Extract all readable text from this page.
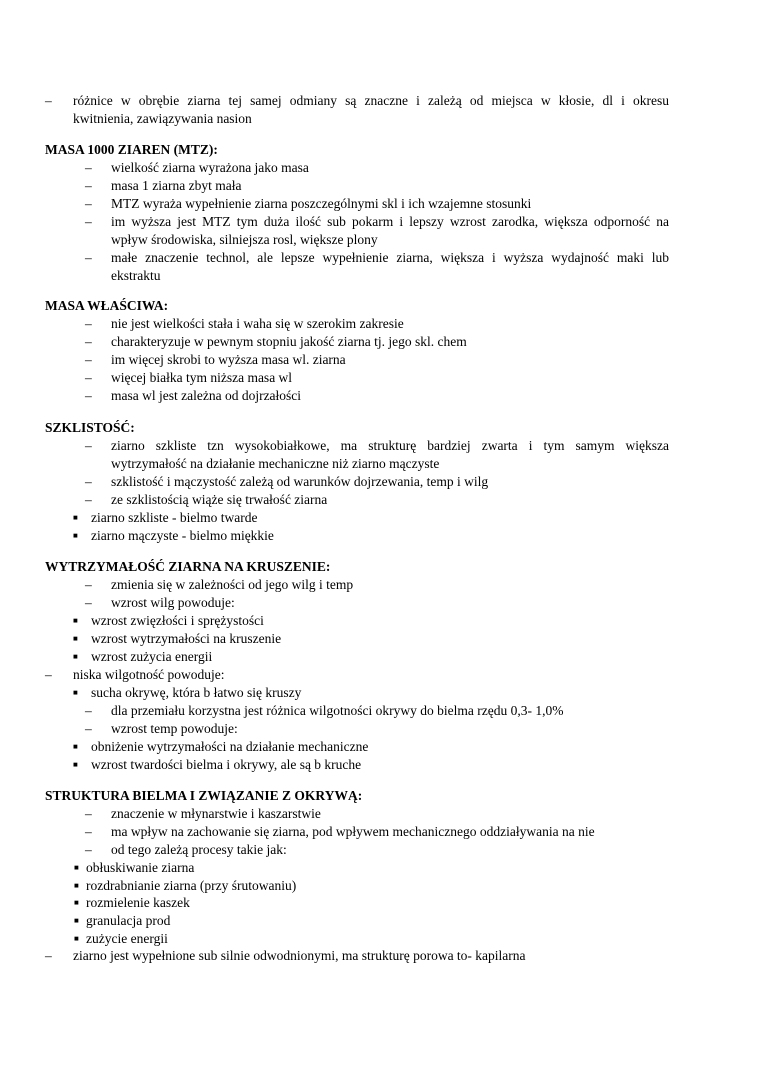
– różnice w obrębie ziarna tej samej odmiany są znaczne i zależą od miejsca w kłosie, dl i okresu
kwitnienia, zawiązywania nasion
MASA 1000 ZIAREN (MTZ):
– wielkość ziarna wyrażona jako masa
– masa 1 ziarna zbyt mała
– MTZ wyraża wypełnienie ziarna poszczególnymi skl i ich wzajemne stosunki
– im wyższa jest MTZ tym duża ilość sub pokarm i lepszy wzrost zarodka, większa odporność na
wpływ środowiska, silniejsza rosl, większe plony
– małe znaczenie technol, ale lepsze wypełnienie ziarna, większa i wyższa wydajność maki lub
ekstraktu
MASA WŁAŚCIWA:
– nie jest wielkości stała i waha się w szerokim zakresie
– charakteryzuje w pewnym stopniu jakość ziarna tj. jego skl. chem
– im więcej skrobi to wyższa masa wl. ziarna
– więcej białka tym niższa masa wl
– masa wl jest zależna od dojrzałości
SZKLISTOŚĆ:
– ziarno szkliste tzn wysokobiałkowe, ma strukturę bardziej zwarta i tym samym większa
wytrzymałość na działanie mechaniczne niż ziarno mączyste
– szklistość i mączystość zależą od warunków dojrzewania, temp i wilg
– ze szklistością wiąże się trwałość ziarna
■ ziarno szkliste - bielmo twarde
■ ziarno mączyste - bielmo miękkie
WYTRZYMAŁOŚĆ ZIARNA NA KRUSZENIE:
– zmienia się w zależności od jego wilg i temp
– wzrost wilg powoduje:
■ wzrost zwięzłości i sprężystości
■ wzrost wytrzymałości na kruszenie
■ wzrost zużycia energii
– niska wilgotność powoduje:
■ sucha okrywę, która b łatwo się kruszy
– dla przemiału korzystna jest różnica wilgotności okrywy do bielma rzędu 0,3- 1,0%
– wzrost temp powoduje:
■ obniżenie wytrzymałości na działanie mechaniczne
■ wzrost twardości bielma i okrywy, ale są b kruche
STRUKTURA BIELMA I ZWIĄZANIE Z OKRYWĄ:
– znaczenie w młynarstwie i kaszarstwie
– ma wpływ na zachowanie się ziarna, pod wpływem mechanicznego oddziaływania na nie
– od tego zależą procesy takie jak:
■ obłuskiwanie ziarna
■ rozdrabnianie ziarna (przy śrutowaniu)
■ rozmielenie kaszek
■ granulacja prod
■ zużycie energii
– ziarno jest wypełnione sub silnie odwodnionymi, ma strukturę porowa to- kapilarna
